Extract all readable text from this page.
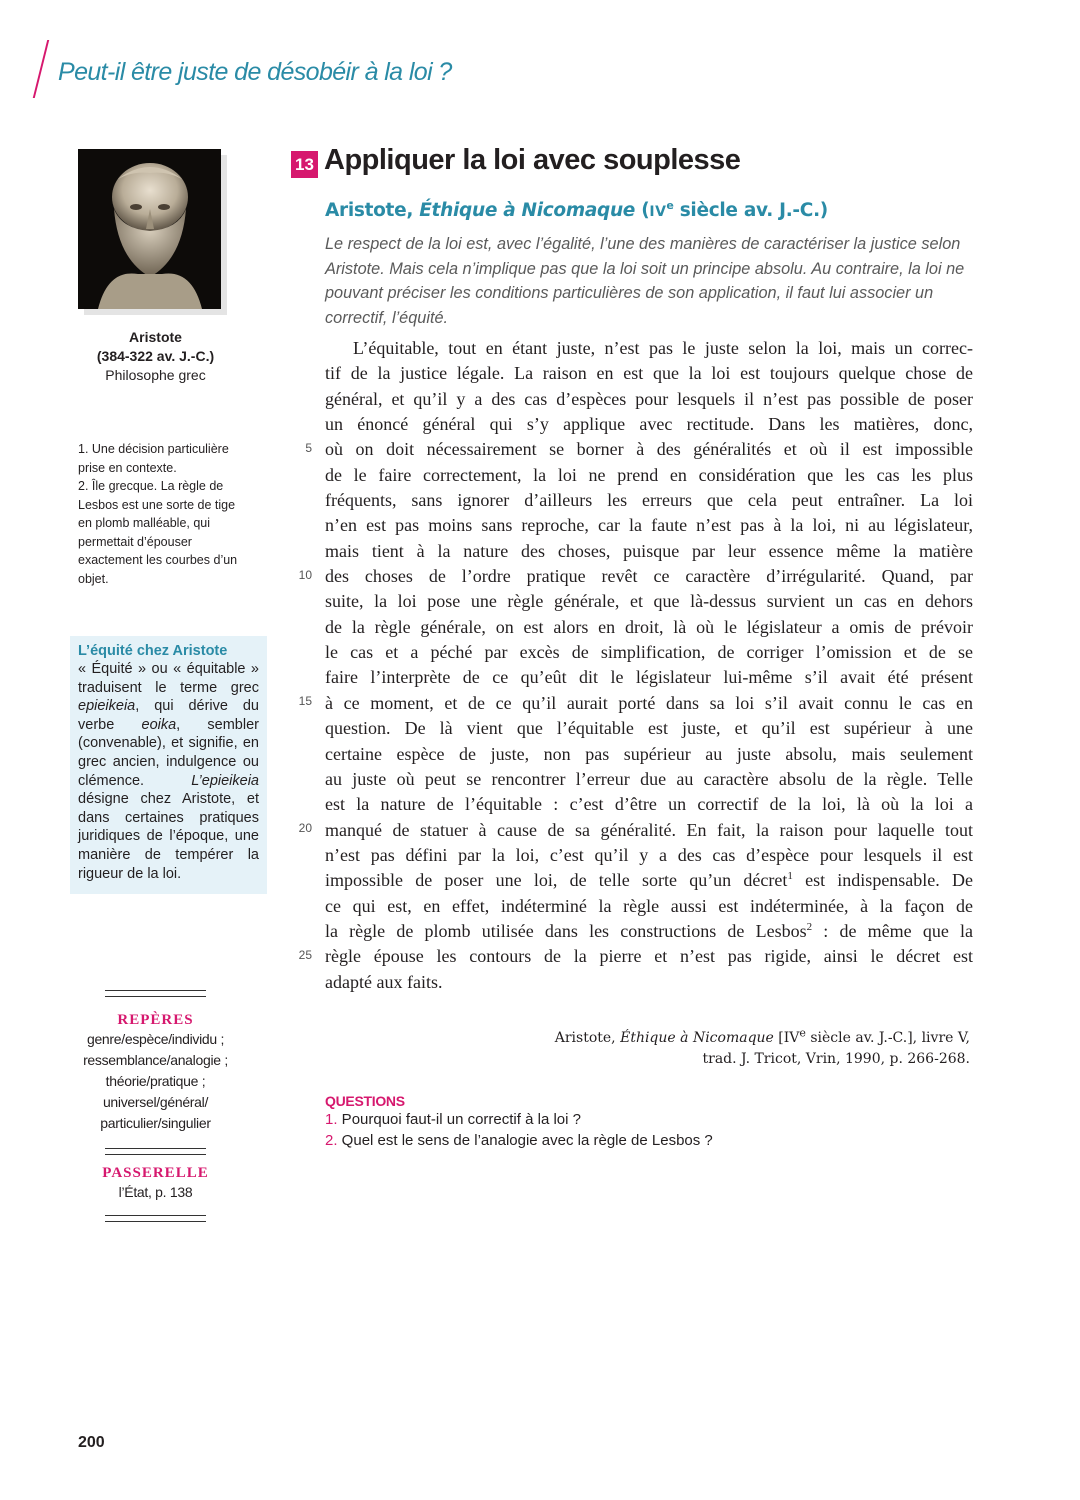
Peut-il être juste de désobéir à la loi ?
Aristote
(384-322 av. J.-C.)
Philosophe grec
1. Une décision particulière prise en contexte.
2. Île grecque. La règle de Lesbos est une sorte de tige en plomb malléable, qui permettait d’épouser exactement les courbes d’un objet.
L’équité chez Aristote
« Équité » ou « équitable » traduisent le terme grec epieikeia, qui dérive du verbe eoika, sembler (convenable), et signifie, en grec ancien, indulgence ou clémence. L’epieikeia désigne chez Aristote, et dans certaines pratiques juridiques de l’époque, une manière de tempérer la rigueur de la loi.
REPÈRES
genre/espèce/individu ;
ressemblance/analogie ;
théorie/pratique ;
universel/général/
particulier/singulier
PASSERELLE
l’État, p. 138
13 Appliquer la loi avec souplesse
Aristote, Éthique à Nicomaque (IVe siècle av. J.-C.)
Le respect de la loi est, avec l’égalité, l’une des manières de caractériser la justice selon Aristote. Mais cela n’implique pas que la loi soit un principe absolu. Au contraire, la loi ne pouvant préciser les conditions particulières de son application, il faut lui associer un correctif, l’équité.
5
10
15
20
25
L’équitable, tout en étant juste, n’est pas le juste selon la loi, mais un correc-
tif de la justice légale. La raison en est que la loi est toujours quelque chose de
général, et qu’il y a des cas d’espèces pour lesquels il n’est pas possible de poser
un énoncé général qui s’y applique avec rectitude. Dans les matières, donc,
où on doit nécessairement se borner à des généralités et où il est impossible
de le faire correctement, la loi ne prend en considération que les cas les plus
fréquents, sans ignorer d’ailleurs les erreurs que cela peut entraîner. La loi
n’en est pas moins sans reproche, car la faute n’est pas à la loi, ni au législateur,
mais tient à la nature des choses, puisque par leur essence même la matière
des choses de l’ordre pratique revêt ce caractère d’irrégularité. Quand, par
suite, la loi pose une règle générale, et que là-dessus survient un cas en dehors
de la règle générale, on est alors en droit, là où le législateur a omis de prévoir
le cas et a péché par excès de simplification, de corriger l’omission et de se
faire l’interprète de ce qu’eût dit le législateur lui-même s’il avait été présent
à ce moment, et de ce qu’il aurait porté dans sa loi s’il avait connu le cas en
question. De là vient que l’équitable est juste, et qu’il est supérieur à une
certaine espèce de juste, non pas supérieur au juste absolu, mais seulement
au juste où peut se rencontrer l’erreur due au caractère absolu de la règle. Telle
est la nature de l’équitable : c’est d’être un correctif de la loi, là où la loi a
manqué de statuer à cause de sa généralité. En fait, la raison pour laquelle tout
n’est pas défini par la loi, c’est qu’il y a des cas d’espèce pour lesquels il est
impossible de poser une loi, de telle sorte qu’un décret$^1$ est indispensable. De
ce qui est, en effet, indéterminé la règle aussi est indéterminée, à la façon de
la règle de plomb utilisée dans les constructions de Lesbos$^2$ : de même que la
règle épouse les contours de la pierre et n’est pas rigide, ainsi le décret est
adapté aux faits.
Aristote, Éthique à Nicomaque [IVe siècle av. J.-C.], livre V,
trad. J. Tricot, Vrin, 1990, p. 266-268.
QUESTIONS
1. Pourquoi faut-il un correctif à la loi ?
2. Quel est le sens de l’analogie avec la règle de Lesbos ?
200
